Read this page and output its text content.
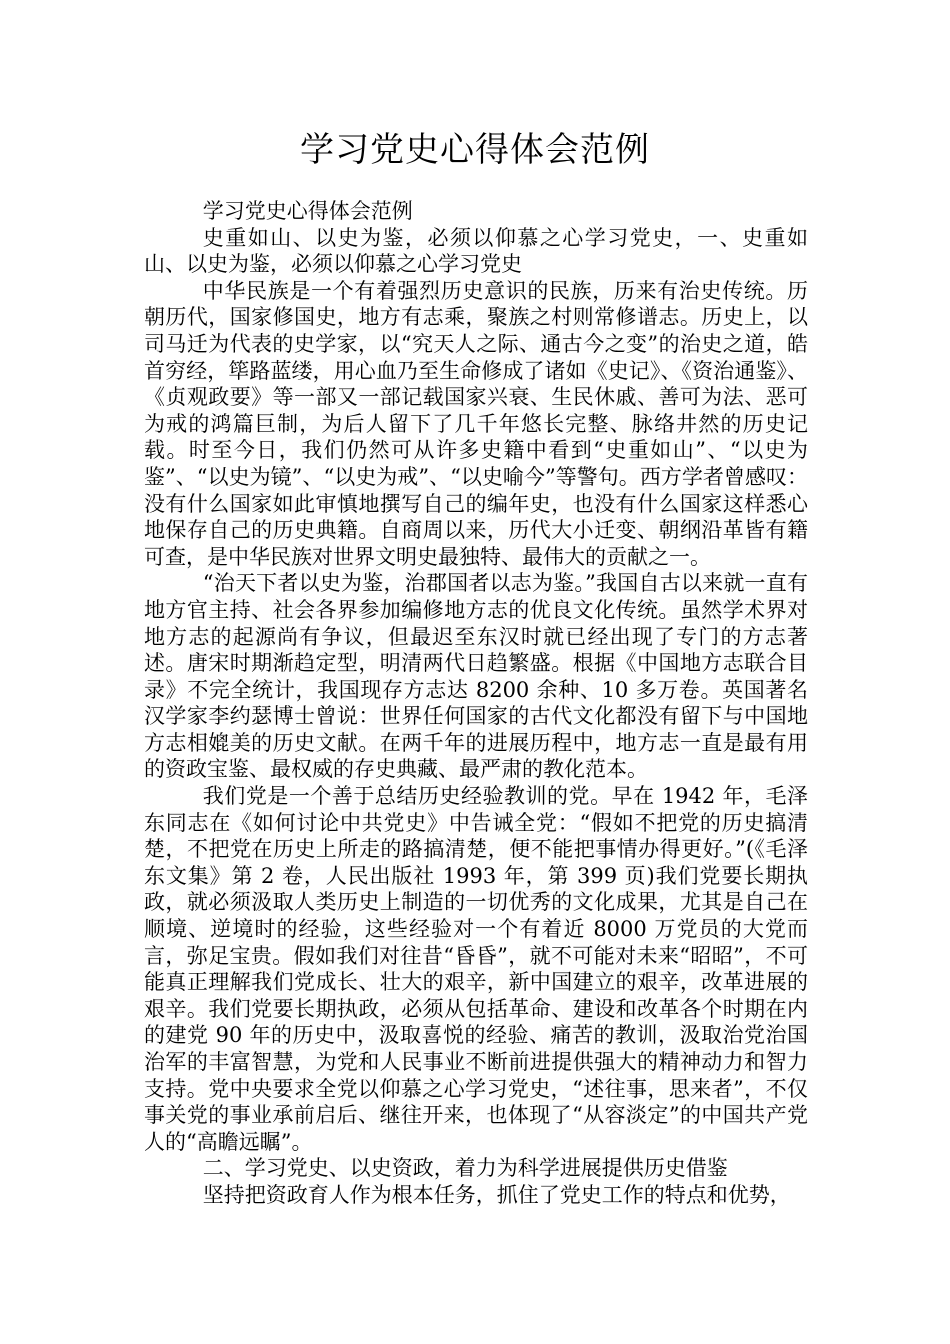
学习党史心得体会范例

学习党史心得体会范例

史重如山、以史为鉴，必须以仰慕之心学习党史，一、史重如山、以史为鉴，必须以仰慕之心学习党史

中华民族是一个有着强烈历史意识的民族，历来有治史传统。历朝历代，国家修国史，地方有志乘，聚族之村则常修谱志。历史上，以司马迁为代表的史学家，以“究天人之际、通古今之变”的治史之道，皓首穷经，筚路蓝缕，用心血乃至生命修成了诸如《史记》、《资治通鉴》、《贞观政要》等一部又一部记载国家兴衰、生民休戚、善可为法、恶可为戒的鸿篇巨制，为后人留下了几千年悠长完整、脉络井然的历史记载。时至今日，我们仍然可从许多史籍中看到“史重如山”、“以史为鉴”、“以史为镜”、“以史为戒”、“以史喻今”等警句。西方学者曾感叹：没有什么国家如此审慎地撰写自己的编年史，也没有什么国家这样悉心地保存自己的历史典籍。自商周以来，历代大小迁变、朝纲沿革皆有籍可查，是中华民族对世界文明史最独特、最伟大的贡献之一。

“治天下者以史为鉴，治郡国者以志为鉴。”我国自古以来就一直有地方官主持、社会各界参加编修地方志的优良文化传统。虽然学术界对地方志的起源尚有争议，但最迟至东汉时就已经出现了专门的方志著述。唐宋时期渐趋定型，明清两代日趋繁盛。根据《中国地方志联合目录》不完全统计，我国现存方志达 8200 余种、10 多万卷。英国著名汉学家李约瑟博士曾说：世界任何国家的古代文化都没有留下与中国地方志相媲美的历史文献。在两千年的进展历程中，地方志一直是最有用的资政宝鉴、最权威的存史典藏、最严肃的教化范本。

我们党是一个善于总结历史经验教训的党。早在 1942 年，毛泽东同志在《如何讨论中共党史》中告诫全党：“假如不把党的历史搞清楚，不把党在历史上所走的路搞清楚，便不能把事情办得更好。”(《毛泽东文集》第 2 卷，人民出版社 1993 年，第 399 页)我们党要长期执政，就必须汲取人类历史上制造的一切优秀的文化成果，尤其是自己在顺境、逆境时的经验，这些经验对一个有着近 8000 万党员的大党而言，弥足宝贵。假如我们对往昔“昏昏”，就不可能对未来“昭昭”，不可能真正理解我们党成长、壮大的艰辛，新中国建立的艰辛，改革进展的艰辛。我们党要长期执政，必须从包括革命、建设和改革各个时期在内的建党 90 年的历史中，汲取喜悦的经验、痛苦的教训，汲取治党治国治军的丰富智慧，为党和人民事业不断前进提供强大的精神动力和智力支持。党中央要求全党以仰慕之心学习党史，“述往事，思来者”，不仅事关党的事业承前启后、继往开来，也体现了“从容淡定”的中国共产党人的“高瞻远瞩”。

二、学习党史、以史资政，着力为科学进展提供历史借鉴

坚持把资政育人作为根本任务，抓住了党史工作的特点和优势，
